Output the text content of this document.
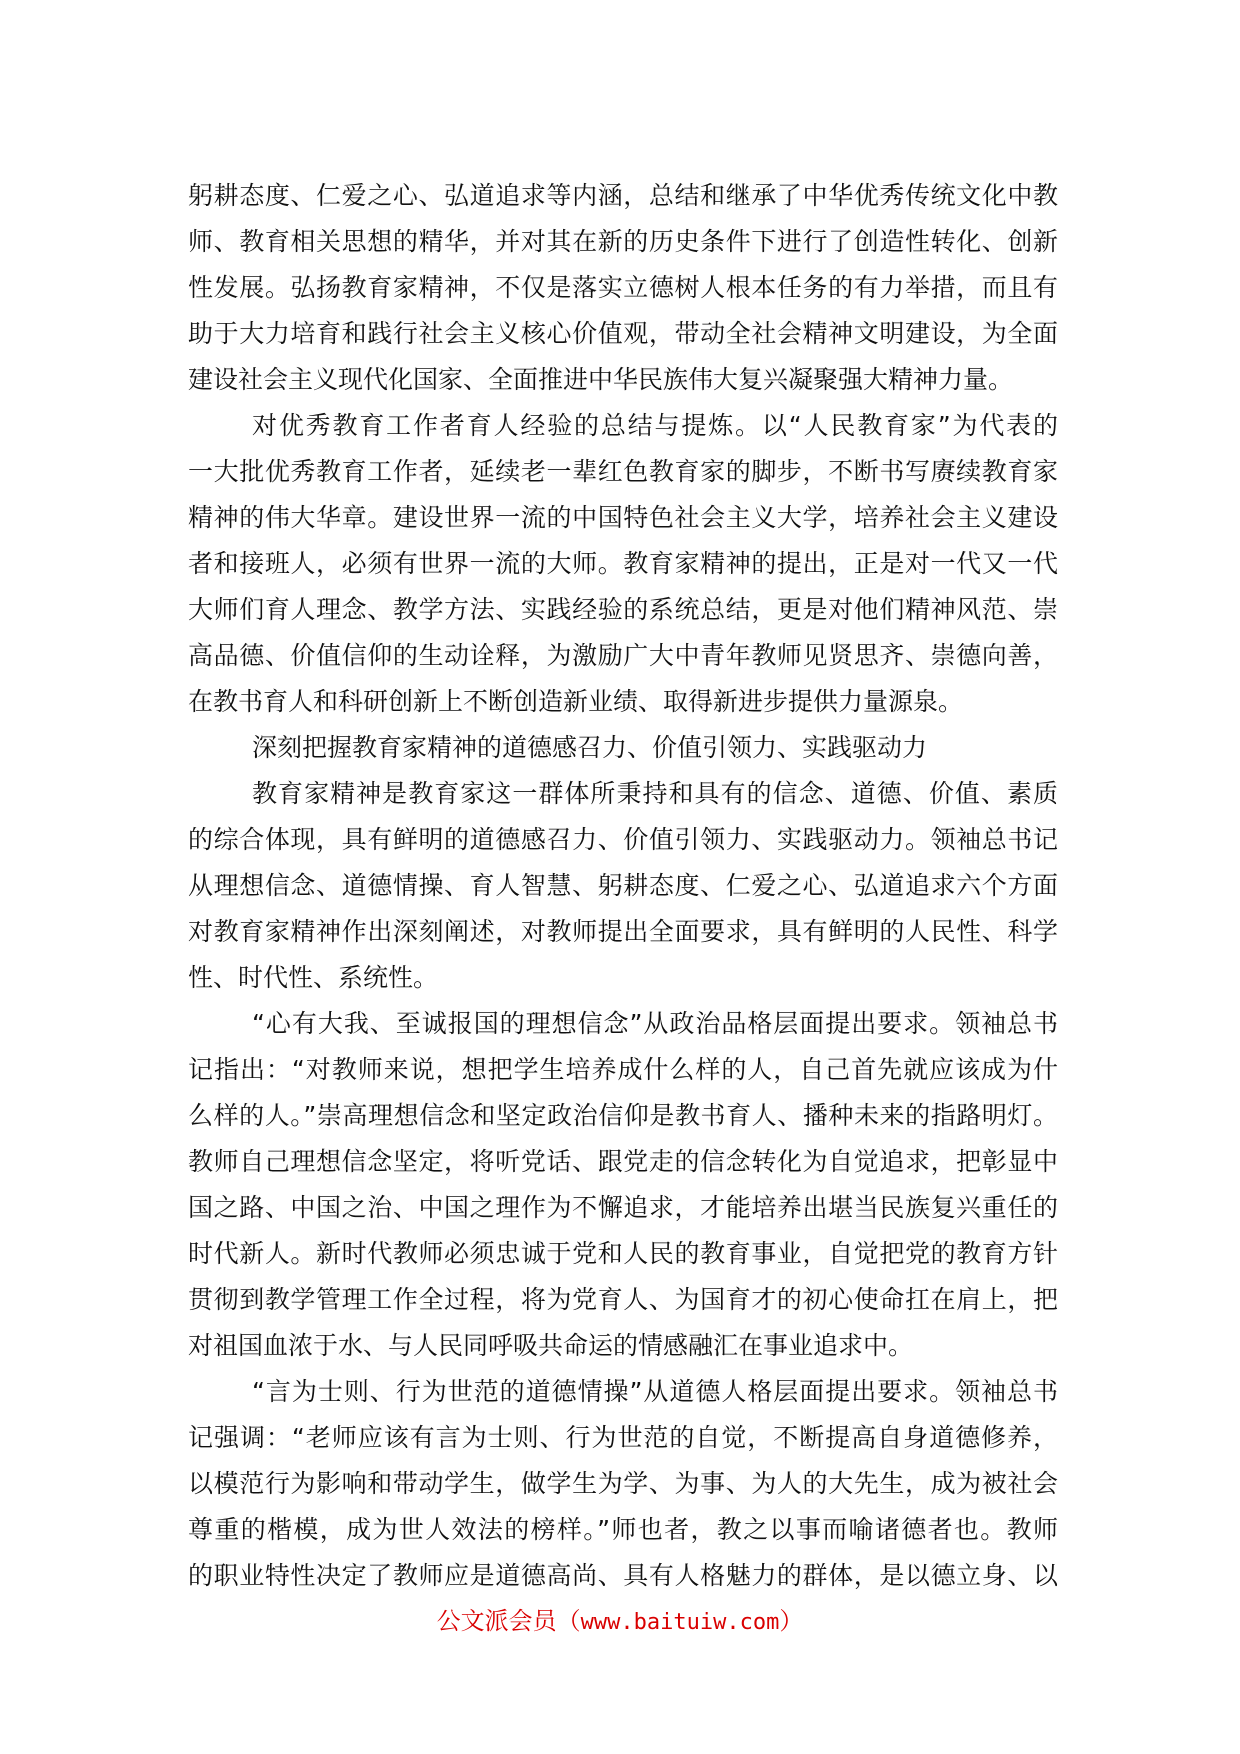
躬耕态度、仁爱之心、弘道追求等内涵，总结和继承了中华优秀传统文化中教
师、教育相关思想的精华，并对其在新的历史条件下进行了创造性转化、创新
性发展。弘扬教育家精神，不仅是落实立德树人根本任务的有力举措，而且有
助于大力培育和践行社会主义核心价值观，带动全社会精神文明建设，为全面
建设社会主义现代化国家、全面推进中华民族伟大复兴凝聚强大精神力量。
对优秀教育工作者育人经验的总结与提炼。以“人民教育家”为代表的
一大批优秀教育工作者，延续老一辈红色教育家的脚步，不断书写赓续教育家
精神的伟大华章。建设世界一流的中国特色社会主义大学，培养社会主义建设
者和接班人，必须有世界一流的大师。教育家精神的提出，正是对一代又一代
大师们育人理念、教学方法、实践经验的系统总结，更是对他们精神风范、崇
高品德、价值信仰的生动诠释，为激励广大中青年教师见贤思齐、崇德向善，
在教书育人和科研创新上不断创造新业绩、取得新进步提供力量源泉。
深刻把握教育家精神的道德感召力、价值引领力、实践驱动力
教育家精神是教育家这一群体所秉持和具有的信念、道德、价值、素质
的综合体现，具有鲜明的道德感召力、价值引领力、实践驱动力。领袖总书记
从理想信念、道德情操、育人智慧、躬耕态度、仁爱之心、弘道追求六个方面
对教育家精神作出深刻阐述，对教师提出全面要求，具有鲜明的人民性、科学
性、时代性、系统性。
“心有大我、至诚报国的理想信念”从政治品格层面提出要求。领袖总书
记指出：“对教师来说，想把学生培养成什么样的人，自己首先就应该成为什
么样的人。”崇高理想信念和坚定政治信仰是教书育人、播种未来的指路明灯。
教师自己理想信念坚定，将听党话、跟党走的信念转化为自觉追求，把彰显中
国之路、中国之治、中国之理作为不懈追求，才能培养出堪当民族复兴重任的
时代新人。新时代教师必须忠诚于党和人民的教育事业，自觉把党的教育方针
贯彻到教学管理工作全过程，将为党育人、为国育才的初心使命扛在肩上，把
对祖国血浓于水、与人民同呼吸共命运的情感融汇在事业追求中。
“言为士则、行为世范的道德情操”从道德人格层面提出要求。领袖总书
记强调：“老师应该有言为士则、行为世范的自觉，不断提高自身道德修养，
以模范行为影响和带动学生，做学生为学、为事、为人的大先生，成为被社会
尊重的楷模，成为世人效法的榜样。”师也者，教之以事而喻诸德者也。教师
的职业特性决定了教师应是道德高尚、具有人格魅力的群体，是以德立身、以
公文派会员（www.baituiw.com）
